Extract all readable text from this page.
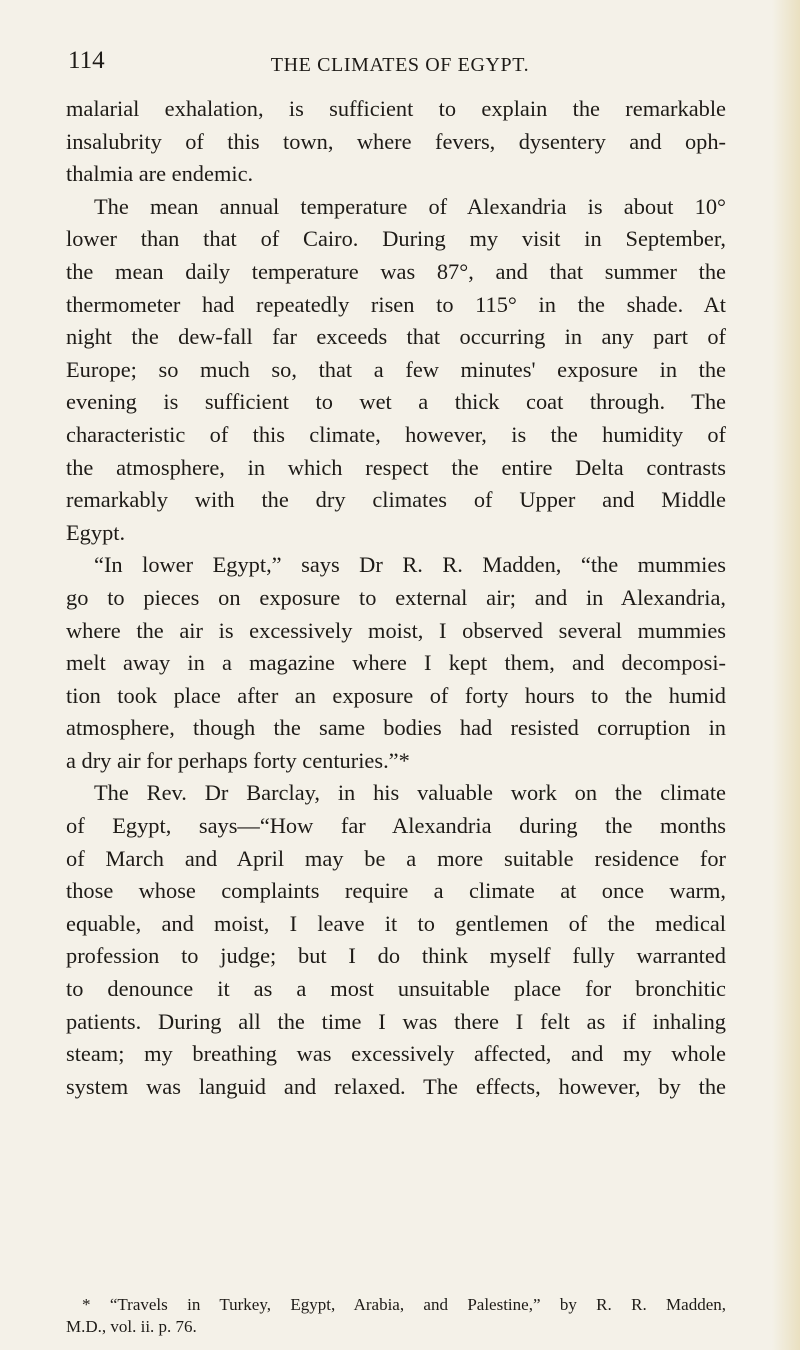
114	THE CLIMATES OF EGYPT.
malarial exhalation, is sufficient to explain the remarkable
insalubrity of this town, where fevers, dysentery and oph-
thalmia are endemic.
The mean annual temperature of Alexandria is about 10°
lower than that of Cairo. During my visit in September,
the mean daily temperature was 87°, and that summer the
thermometer had repeatedly risen to 115° in the shade. At
night the dew-fall far exceeds that occurring in any part of
Europe; so much so, that a few minutes' exposure in the
evening is sufficient to wet a thick coat through. The
characteristic of this climate, however, is the humidity of
the atmosphere, in which respect the entire Delta contrasts
remarkably with the dry climates of Upper and Middle
Egypt.
“In lower Egypt,” says Dr R. R. Madden, “the mummies
go to pieces on exposure to external air; and in Alexandria,
where the air is excessively moist, I observed several mummies
melt away in a magazine where I kept them, and decomposi-
tion took place after an exposure of forty hours to the humid
atmosphere, though the same bodies had resisted corruption in
a dry air for perhaps forty centuries.”*
The Rev. Dr Barclay, in his valuable work on the climate
of Egypt, says—“How far Alexandria during the months
of March and April may be a more suitable residence for
those whose complaints require a climate at once warm,
equable, and moist, I leave it to gentlemen of the medical
profession to judge; but I do think myself fully warranted
to denounce it as a most unsuitable place for bronchitic
patients. During all the time I was there I felt as if inhaling
steam; my breathing was excessively affected, and my whole
system was languid and relaxed. The effects, however, by the
* “Travels in Turkey, Egypt, Arabia, and Palestine,” by R. R. Madden,
M.D., vol. ii. p. 76.
